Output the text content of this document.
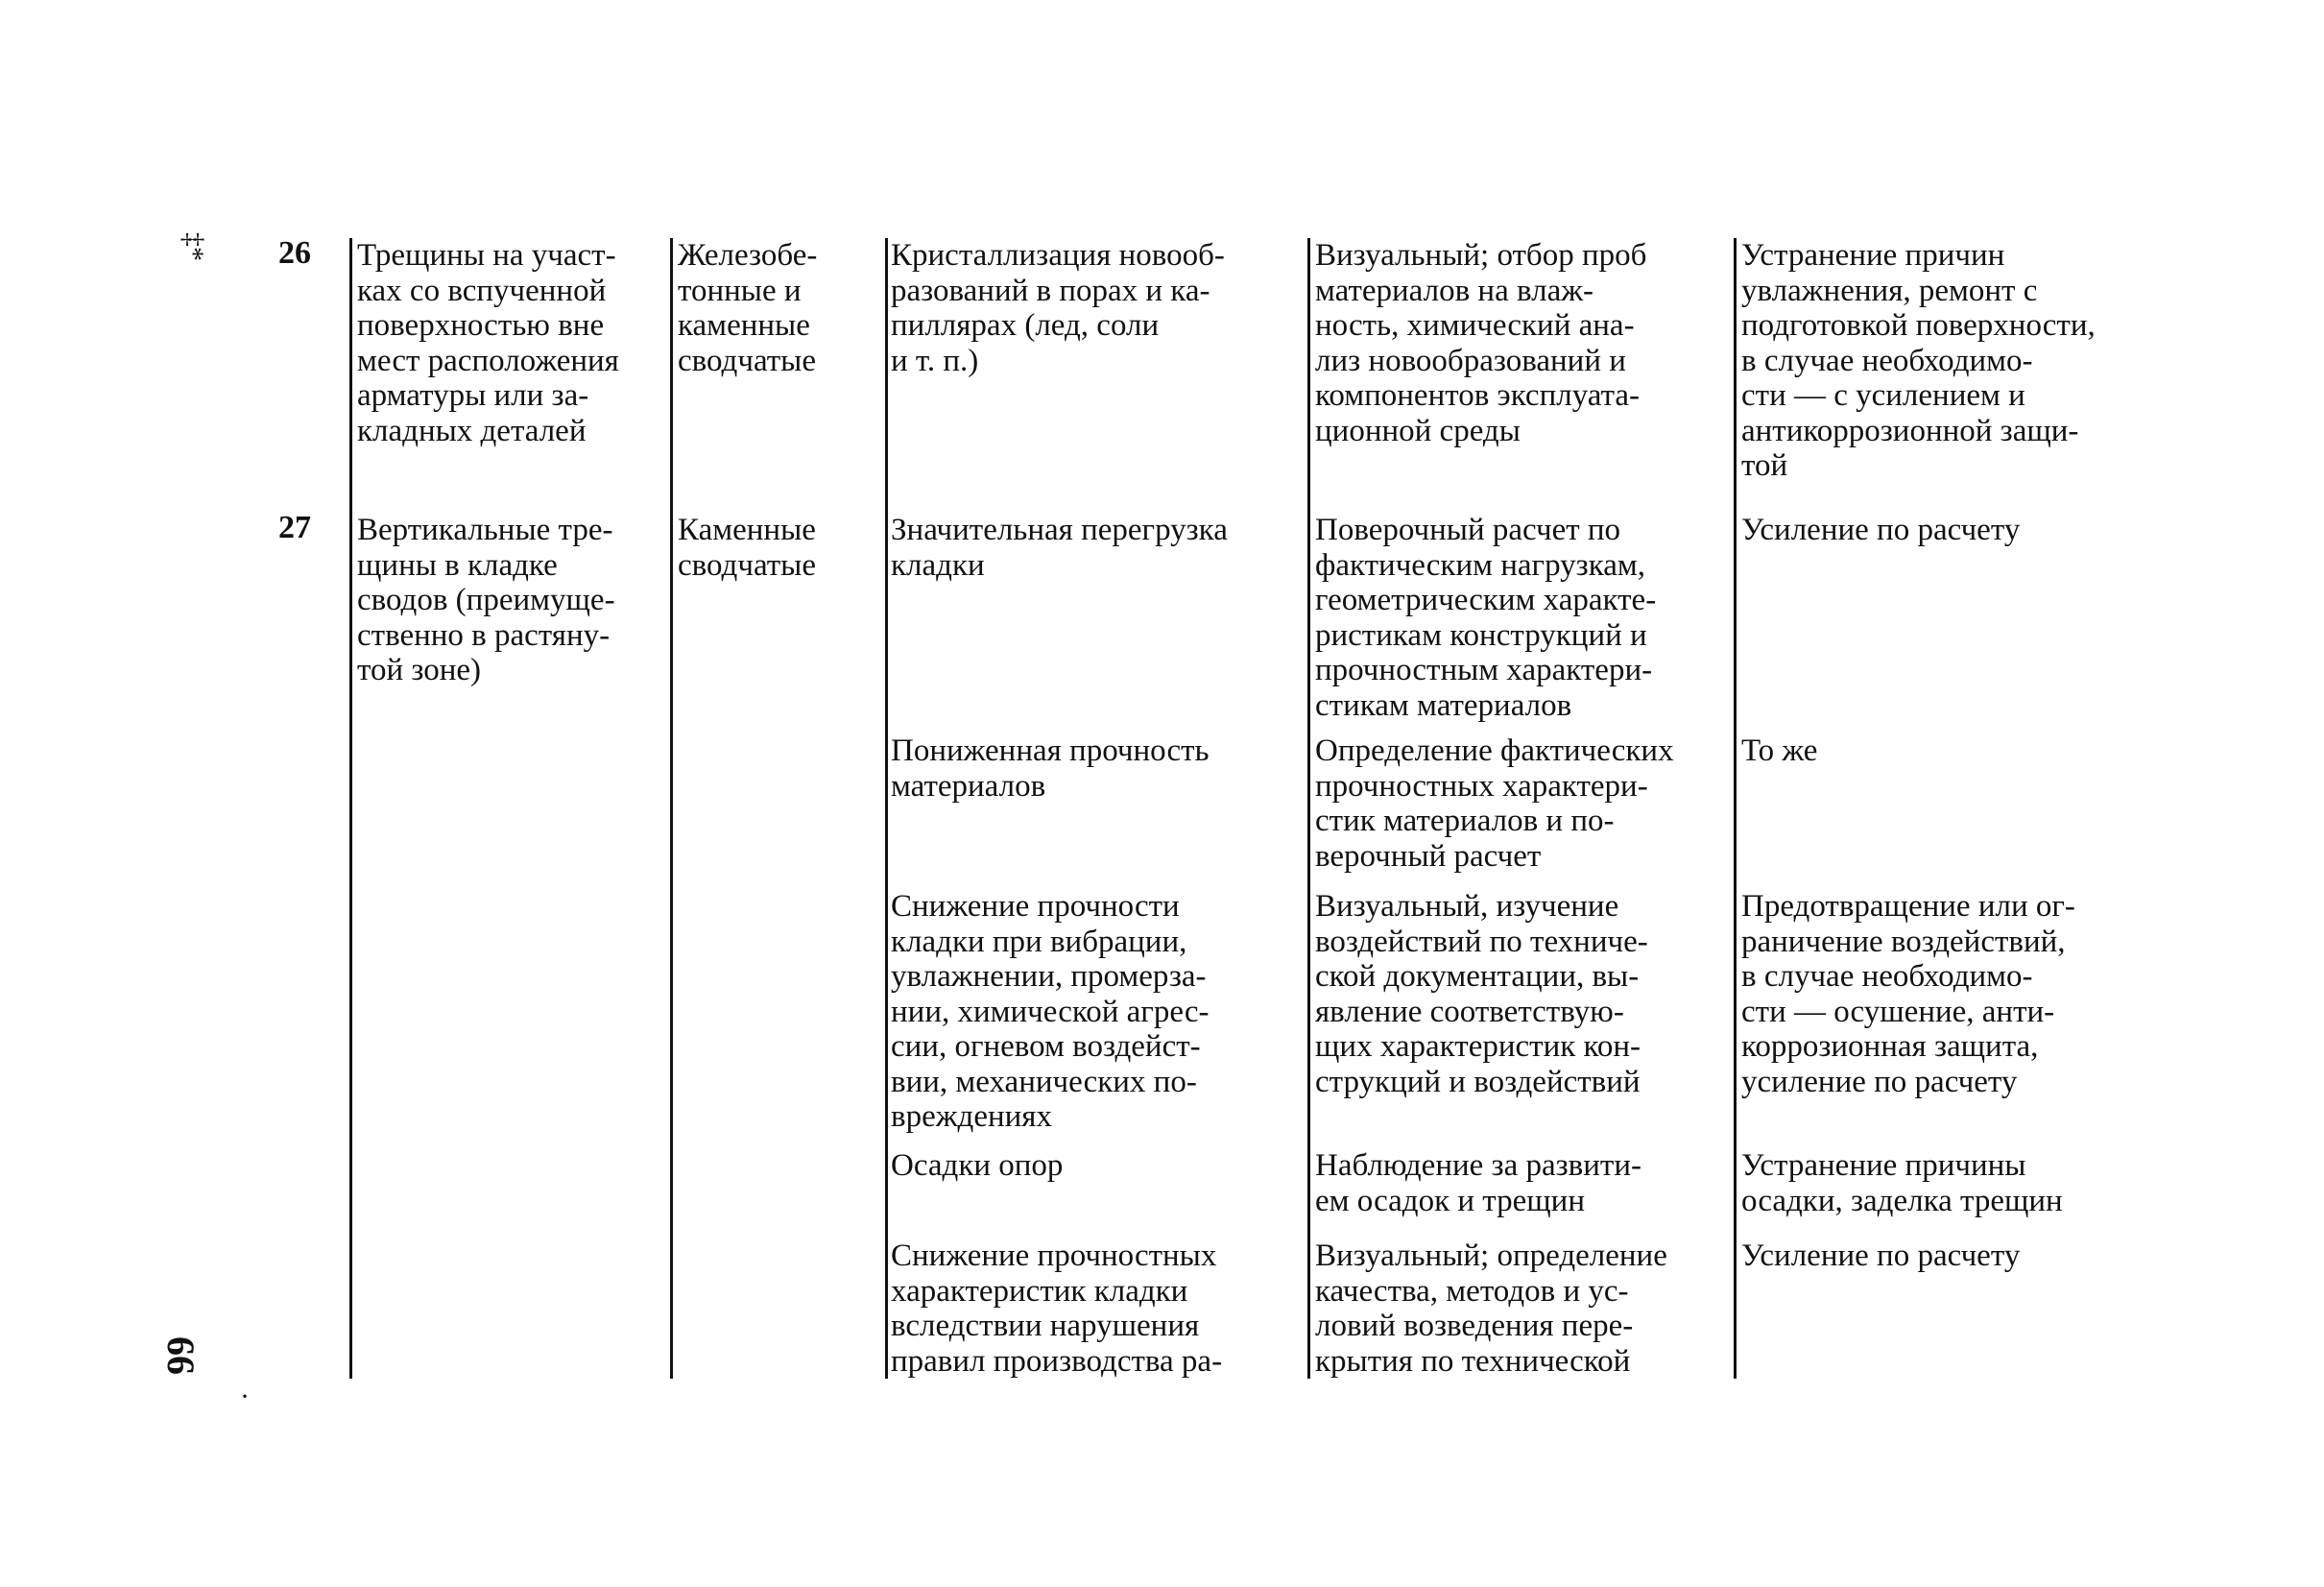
‡*
66
·
26 Трещины на участ-
ках со вспученной
поверхностью вне
мест расположения
арматуры или за-
кладных деталей
Железобе-
тонные и
каменные
сводчатые
Кристаллизация новооб-
разований в порах и ка-
пиллярах (лед, соли
и т. п.)
Визуальный; отбор проб
материалов на влаж-
ность, химический ана-
лиз новообразований и
компонентов эксплуата-
ционной среды
Устранение причин
увлажнения, ремонт с
подготовкой поверхности,
в случае необходимо-
сти — с усилением и
антикоррозионной защи-
той
27 Вертикальные тре-
щины в кладке
сводов (преимуще-
ственно в растяну-
той зоне)
Каменные
сводчатые
Значительная перегрузка
кладки
Поверочный расчет по
фактическим нагрузкам,
геометрическим характе-
ристикам конструкций и
прочностным характери-
стикам материалов
Усиление по расчету
Пониженная прочность
материалов
Определение фактических
прочностных характери-
стик материалов и по-
верочный расчет
То же
Снижение прочности
кладки при вибрации,
увлажнении, промерза-
нии, химической агрес-
сии, огневом воздейст-
вии, механических по-
врежденияx
Визуальный, изучение
воздействий по техниче-
ской документации, вы-
явление соответствую-
щих характеристик кон-
струкций и воздействий
Предотвращение или ог-
раничение воздействий,
в случае необходимо-
сти — осушение, анти-
коррозионная защита,
усиление по расчету
Осадки опор	Наблюдение за развити-
ем осадок и трещин
Устранение причины
осадки, заделка трещин
Снижение прочностных
характеристик кладки
вследствии нарушения
правил производства ра-
Визуальный; определение
качества, методов и ус-
ловий возведения пере-
крытия по технической
Усиление по расчету
